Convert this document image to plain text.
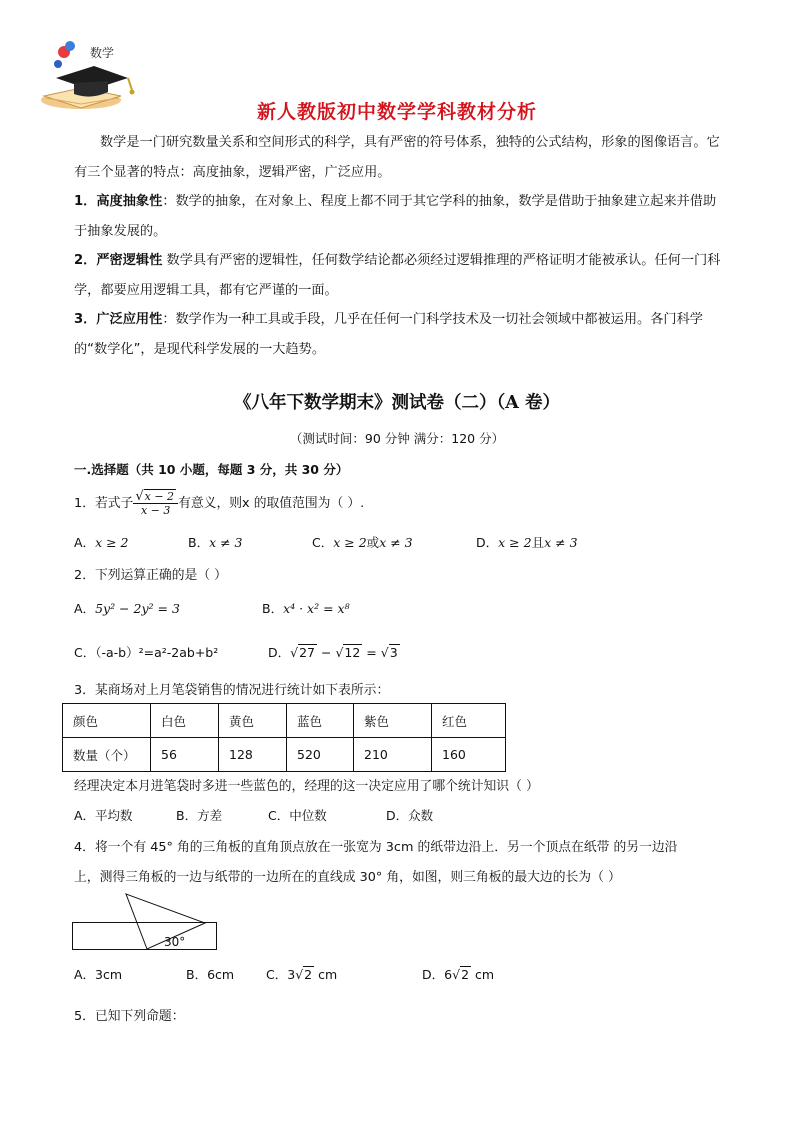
数学
新人教版初中数学学科教材分析

数学是一门研究数量关系和空间形式的科学，具有严密的符号体系，独特的公式结构，形象的图像语言。它有三个显著的特点：高度抽象，逻辑严密，广泛应用。

1．高度抽象性：数学的抽象，在对象上、程度上都不同于其它学科的抽象，数学是借助于抽象建立起来并借助于抽象发展的。

2．严密逻辑性 数学具有严密的逻辑性，任何数学结论都必须经过逻辑推理的严格证明才能被承认。任何一门科学，都要应用逻辑工具，都有它严谨的一面。

3．广泛应用性：数学作为一种工具或手段，几乎在任何一门科学技术及一切社会领域中都被运用。各门科学的“数学化”，是现代科学发展的一大趋势。

《八年下数学期末》测试卷（二）（A 卷）
（测试时间：90 分钟 满分：120 分）
一.选择题（共 10 小题，每题 3 分，共 30 分）
1．若式子 $\frac{√x - 2}{x - 3}$ 有意义，则x 的取值范围为（ ）.
A．x ≥ 2	B．x ≠ 3	C．x ≥ 2或x ≠ 3	D．x ≥ 2且x ≠ 3
2．下列运算正确的是（ ）
A．5y² − 2y² = 3	B．x⁴ · x² = x⁸
C．（-a-b）²=a²-2ab+b²	D．√27 − √12 = √3
3．某商场对上月笔袋销售的情况进行统计如下表所示：
颜色	白色	黄色	蓝色	紫色	红色
数量（个）	56	128	520	210	160
经理决定本月进笔袋时多进一些蓝色的，经理的这一决定应用了哪个统计知识（ ）
A．平均数	B．方差	C．中位数	D．众数
4．将一个有 45° 角的三角板的直角顶点放在一张宽为 3cm 的纸带边沿上．另一个顶点在纸带 的另一边沿
上，测得三角板的一边与纸带的一边所在的直线成 30° 角，如图，则三角板的最大边的长为（ ）
30°
A．3cm	B．6cm	C．3√2 cm	D．6√2 cm
5．已知下列命题：
